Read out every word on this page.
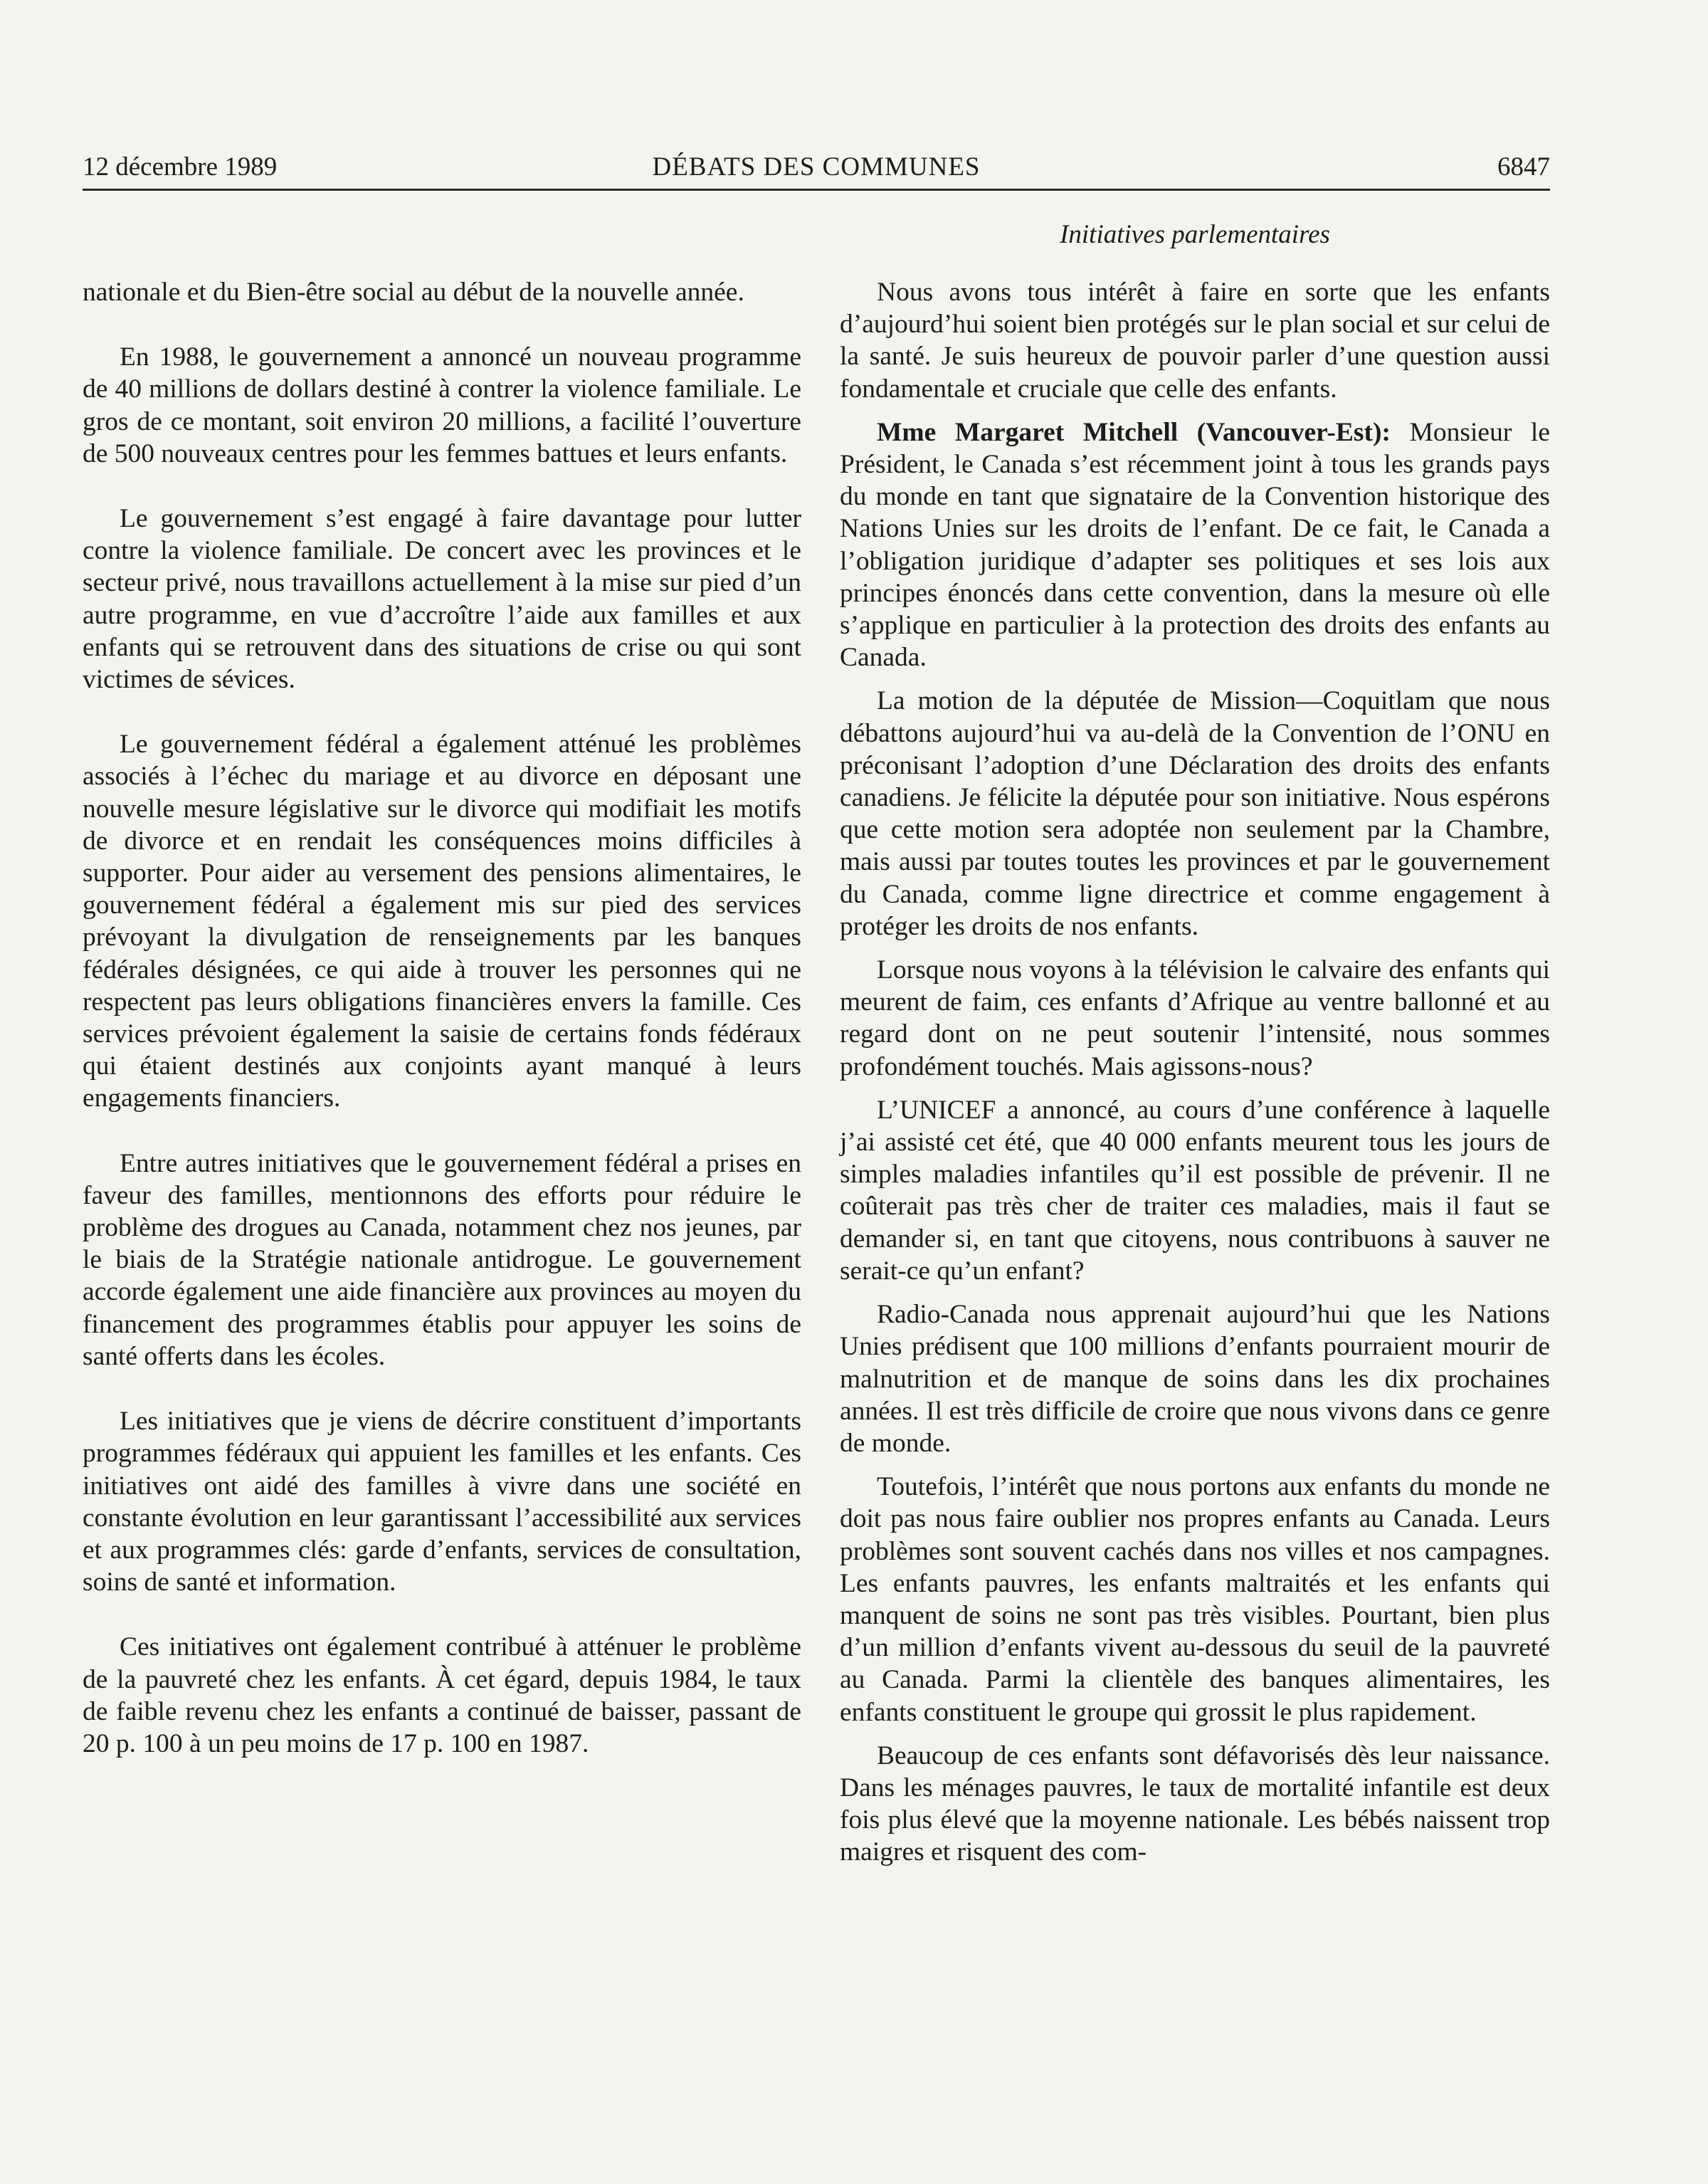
12 décembre 1989	DÉBATS DES COMMUNES	6847
Initiatives parlementaires

nationale et du Bien-être social au début de la nouvelle année.

En 1988, le gouvernement a annoncé un nouveau programme de 40 millions de dollars destiné à contrer la violence familiale. Le gros de ce montant, soit environ 20 millions, a facilité l’ouverture de 500 nouveaux centres pour les femmes battues et leurs enfants.

Le gouvernement s’est engagé à faire davantage pour lutter contre la violence familiale. De concert avec les provinces et le secteur privé, nous travaillons actuellement à la mise sur pied d’un autre programme, en vue d’accroître l’aide aux familles et aux enfants qui se retrouvent dans des situations de crise ou qui sont victimes de sévices.

Le gouvernement fédéral a également atténué les problèmes associés à l’échec du mariage et au divorce en déposant une nouvelle mesure législative sur le divorce qui modifiait les motifs de divorce et en rendait les conséquences moins difficiles à supporter. Pour aider au versement des pensions alimentaires, le gouvernement fédéral a également mis sur pied des services prévoyant la divulgation de renseignements par les banques fédérales désignées, ce qui aide à trouver les personnes qui ne respectent pas leurs obligations financières envers la famille. Ces services prévoient également la saisie de certains fonds fédéraux qui étaient destinés aux conjoints ayant manqué à leurs engagements financiers.

Entre autres initiatives que le gouvernement fédéral a prises en faveur des familles, mentionnons des efforts pour réduire le problème des drogues au Canada, notamment chez nos jeunes, par le biais de la Stratégie nationale antidrogue. Le gouvernement accorde également une aide financière aux provinces au moyen du financement des programmes établis pour appuyer les soins de santé offerts dans les écoles.

Les initiatives que je viens de décrire constituent d’importants programmes fédéraux qui appuient les familles et les enfants. Ces initiatives ont aidé des familles à vivre dans une société en constante évolution en leur garantissant l’accessibilité aux services et aux programmes clés: garde d’enfants, services de consultation, soins de santé et information.

Ces initiatives ont également contribué à atténuer le problème de la pauvreté chez les enfants. À cet égard, depuis 1984, le taux de faible revenu chez les enfants a continué de baisser, passant de 20 p. 100 à un peu moins de 17 p. 100 en 1987.

Nous avons tous intérêt à faire en sorte que les enfants d’aujourd’hui soient bien protégés sur le plan social et sur celui de la santé. Je suis heureux de pouvoir parler d’une question aussi fondamentale et cruciale que celle des enfants.

Mme Margaret Mitchell (Vancouver-Est): Monsieur le Président, le Canada s’est récemment joint à tous les grands pays du monde en tant que signataire de la Convention historique des Nations Unies sur les droits de l’enfant. De ce fait, le Canada a l’obligation juridique d’adapter ses politiques et ses lois aux principes énoncés dans cette convention, dans la mesure où elle s’applique en particulier à la protection des droits des enfants au Canada.

La motion de la députée de Mission—Coquitlam que nous débattons aujourd’hui va au-delà de la Convention de l’ONU en préconisant l’adoption d’une Déclaration des droits des enfants canadiens. Je félicite la députée pour son initiative. Nous espérons que cette motion sera adoptée non seulement par la Chambre, mais aussi par toutes toutes les provinces et par le gouvernement du Canada, comme ligne directrice et comme engagement à protéger les droits de nos enfants.

Lorsque nous voyons à la télévision le calvaire des enfants qui meurent de faim, ces enfants d’Afrique au ventre ballonné et au regard dont on ne peut soutenir l’intensité, nous sommes profondément touchés. Mais agissons-nous?

L’UNICEF a annoncé, au cours d’une conférence à laquelle j’ai assisté cet été, que 40 000 enfants meurent tous les jours de simples maladies infantiles qu’il est possible de prévenir. Il ne coûterait pas très cher de traiter ces maladies, mais il faut se demander si, en tant que citoyens, nous contribuons à sauver ne serait-ce qu’un enfant?

Radio-Canada nous apprenait aujourd’hui que les Nations Unies prédisent que 100 millions d’enfants pourraient mourir de malnutrition et de manque de soins dans les dix prochaines années. Il est très difficile de croire que nous vivons dans ce genre de monde.

Toutefois, l’intérêt que nous portons aux enfants du monde ne doit pas nous faire oublier nos propres enfants au Canada. Leurs problèmes sont souvent cachés dans nos villes et nos campagnes. Les enfants pauvres, les enfants maltraités et les enfants qui manquent de soins ne sont pas très visibles. Pourtant, bien plus d’un million d’enfants vivent au-dessous du seuil de la pauvreté au Canada. Parmi la clientèle des banques alimentaires, les enfants constituent le groupe qui grossit le plus rapidement.

Beaucoup de ces enfants sont défavorisés dès leur naissance. Dans les ménages pauvres, le taux de mortalité infantile est deux fois plus élevé que la moyenne nationale. Les bébés naissent trop maigres et risquent des com-
